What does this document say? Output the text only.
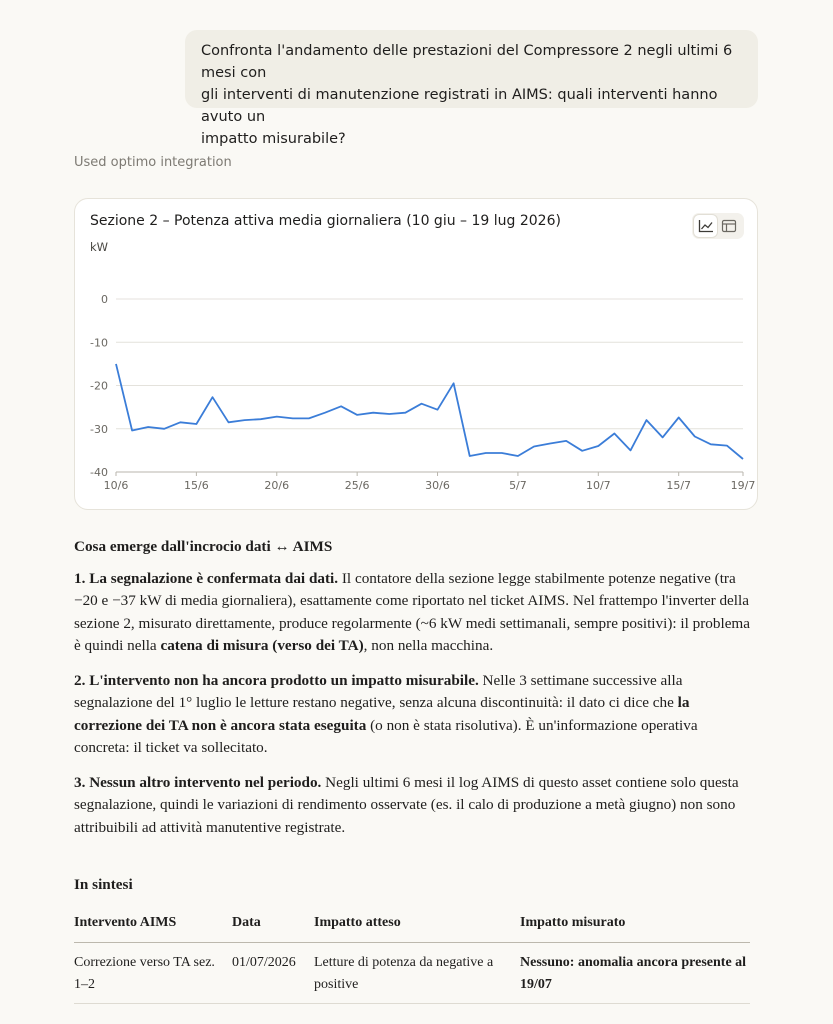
Confronta l'andamento delle prestazioni del Compressore 2 negli ultimi 6 mesi con
gli interventi di manutenzione registrati in AIMS: quali interventi hanno avuto un
impatto misurabile?
Used optimo integration
Sezione 2 – Potenza attiva media giornaliera (10 giu – 19 lug 2026)
kW
0
-10
-20
-30
-40
10/6	15/6	20/6	25/6	30/6	5/7	10/7	15/7	19/7

Cosa emerge dall'incrocio dati ↔ AIMS

1. La segnalazione è confermata dai dati. Il contatore della sezione legge stabilmente potenze negative (tra −20 e −37 kW di media giornaliera), esattamente come riportato nel ticket AIMS. Nel frattempo l'inverter della sezione 2, misurato direttamente, produce regolarmente (~6 kW medi settimanali, sempre positivi): il problema è quindi nella catena di misura (verso dei TA), non nella macchina.

2. L'intervento non ha ancora prodotto un impatto misurabile. Nelle 3 settimane successive alla segnalazione del 1° luglio le letture restano negative, senza alcuna discontinuità: il dato ci dice che la correzione dei TA non è ancora stata eseguita (o non è stata risolutiva). È un'informazione operativa concreta: il ticket va sollecitato.

3. Nessun altro intervento nel periodo. Negli ultimi 6 mesi il log AIMS di questo asset contiene solo questa segnalazione, quindi le variazioni di rendimento osservate (es. il calo di produzione a metà giugno) non sono attribuibili ad attività manutentive registrate.

In sintesi
Intervento AIMS	Data	Impatto atteso	Impatto misurato
Correzione verso TA sez. 1–2	01/07/2026	Letture di potenza da negative a positive	Nessuno: anomalia ancora presente al 19/07
